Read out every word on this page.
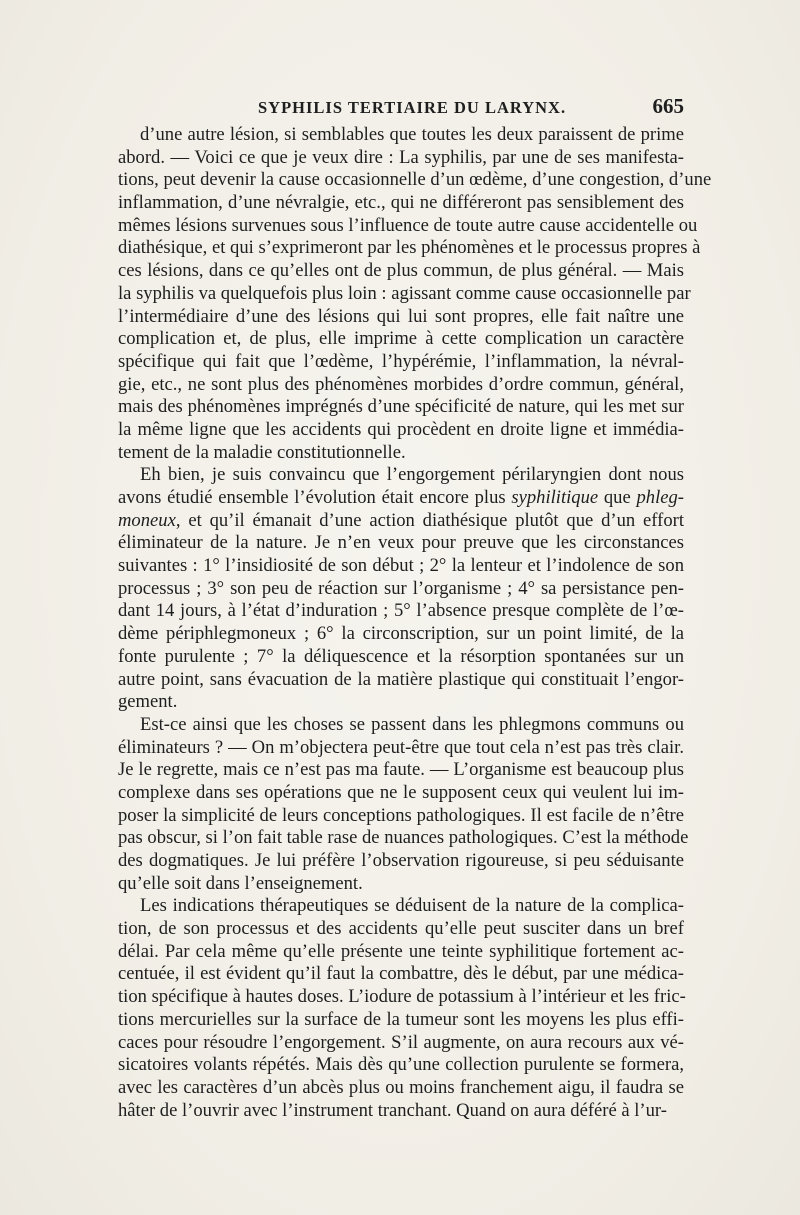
SYPHILIS TERTIAIRE DU LARYNX.	665
d’une autre lésion, si semblables que toutes les deux paraissent de prime
abord. — Voici ce que je veux dire : La syphilis, par une de ses manifesta-
tions, peut devenir la cause occasionnelle d’un œdème, d’une congestion, d’une
inflammation, d’une névralgie, etc., qui ne différeront pas sensiblement des
mêmes lésions survenues sous l’influence de toute autre cause accidentelle ou
diathésique, et qui s’exprimeront par les phénomènes et le processus propres à
ces lésions, dans ce qu’elles ont de plus commun, de plus général. — Mais
la syphilis va quelquefois plus loin : agissant comme cause occasionnelle par
l’intermédiaire d’une des lésions qui lui sont propres, elle fait naître une
complication et, de plus, elle imprime à cette complication un caractère
spécifique qui fait que l’œdème, l’hypérémie, l’inflammation, la névral-
gie, etc., ne sont plus des phénomènes morbides d’ordre commun, général,
mais des phénomènes imprégnés d’une spécificité de nature, qui les met sur
la même ligne que les accidents qui procèdent en droite ligne et immédia-
tement de la maladie constitutionnelle.
Eh bien, je suis convaincu que l’engorgement périlaryngien dont nous
avons étudié ensemble l’évolution était encore plus syphilitique que phleg-
moneux, et qu’il émanait d’une action diathésique plutôt que d’un effort
éliminateur de la nature. Je n’en veux pour preuve que les circonstances
suivantes : 1° l’insidiosité de son début ; 2° la lenteur et l’indolence de son
processus ; 3° son peu de réaction sur l’organisme ; 4° sa persistance pen-
dant 14 jours, à l’état d’induration ; 5° l’absence presque complète de l’œ-
dème périphlegmoneux ; 6° la circonscription, sur un point limité, de la
fonte purulente ; 7° la déliquescence et la résorption spontanées sur un
autre point, sans évacuation de la matière plastique qui constituait l’engor-
gement.
Est-ce ainsi que les choses se passent dans les phlegmons communs ou
éliminateurs ? — On m’objectera peut-être que tout cela n’est pas très clair.
Je le regrette, mais ce n’est pas ma faute. — L’organisme est beaucoup plus
complexe dans ses opérations que ne le supposent ceux qui veulent lui im-
poser la simplicité de leurs conceptions pathologiques. Il est facile de n’être
pas obscur, si l’on fait table rase de nuances pathologiques. C’est la méthode
des dogmatiques. Je lui préfère l’observation rigoureuse, si peu séduisante
qu’elle soit dans l’enseignement.
Les indications thérapeutiques se déduisent de la nature de la complica-
tion, de son processus et des accidents qu’elle peut susciter dans un bref
délai. Par cela même qu’elle présente une teinte syphilitique fortement ac-
centuée, il est évident qu’il faut la combattre, dès le début, par une médica-
tion spécifique à hautes doses. L’iodure de potassium à l’intérieur et les fric-
tions mercurielles sur la surface de la tumeur sont les moyens les plus effi-
caces pour résoudre l’engorgement. S’il augmente, on aura recours aux vé-
sicatoires volants répétés. Mais dès qu’une collection purulente se formera,
avec les caractères d’un abcès plus ou moins franchement aigu, il faudra se
hâter de l’ouvrir avec l’instrument tranchant. Quand on aura déféré à l’ur-
